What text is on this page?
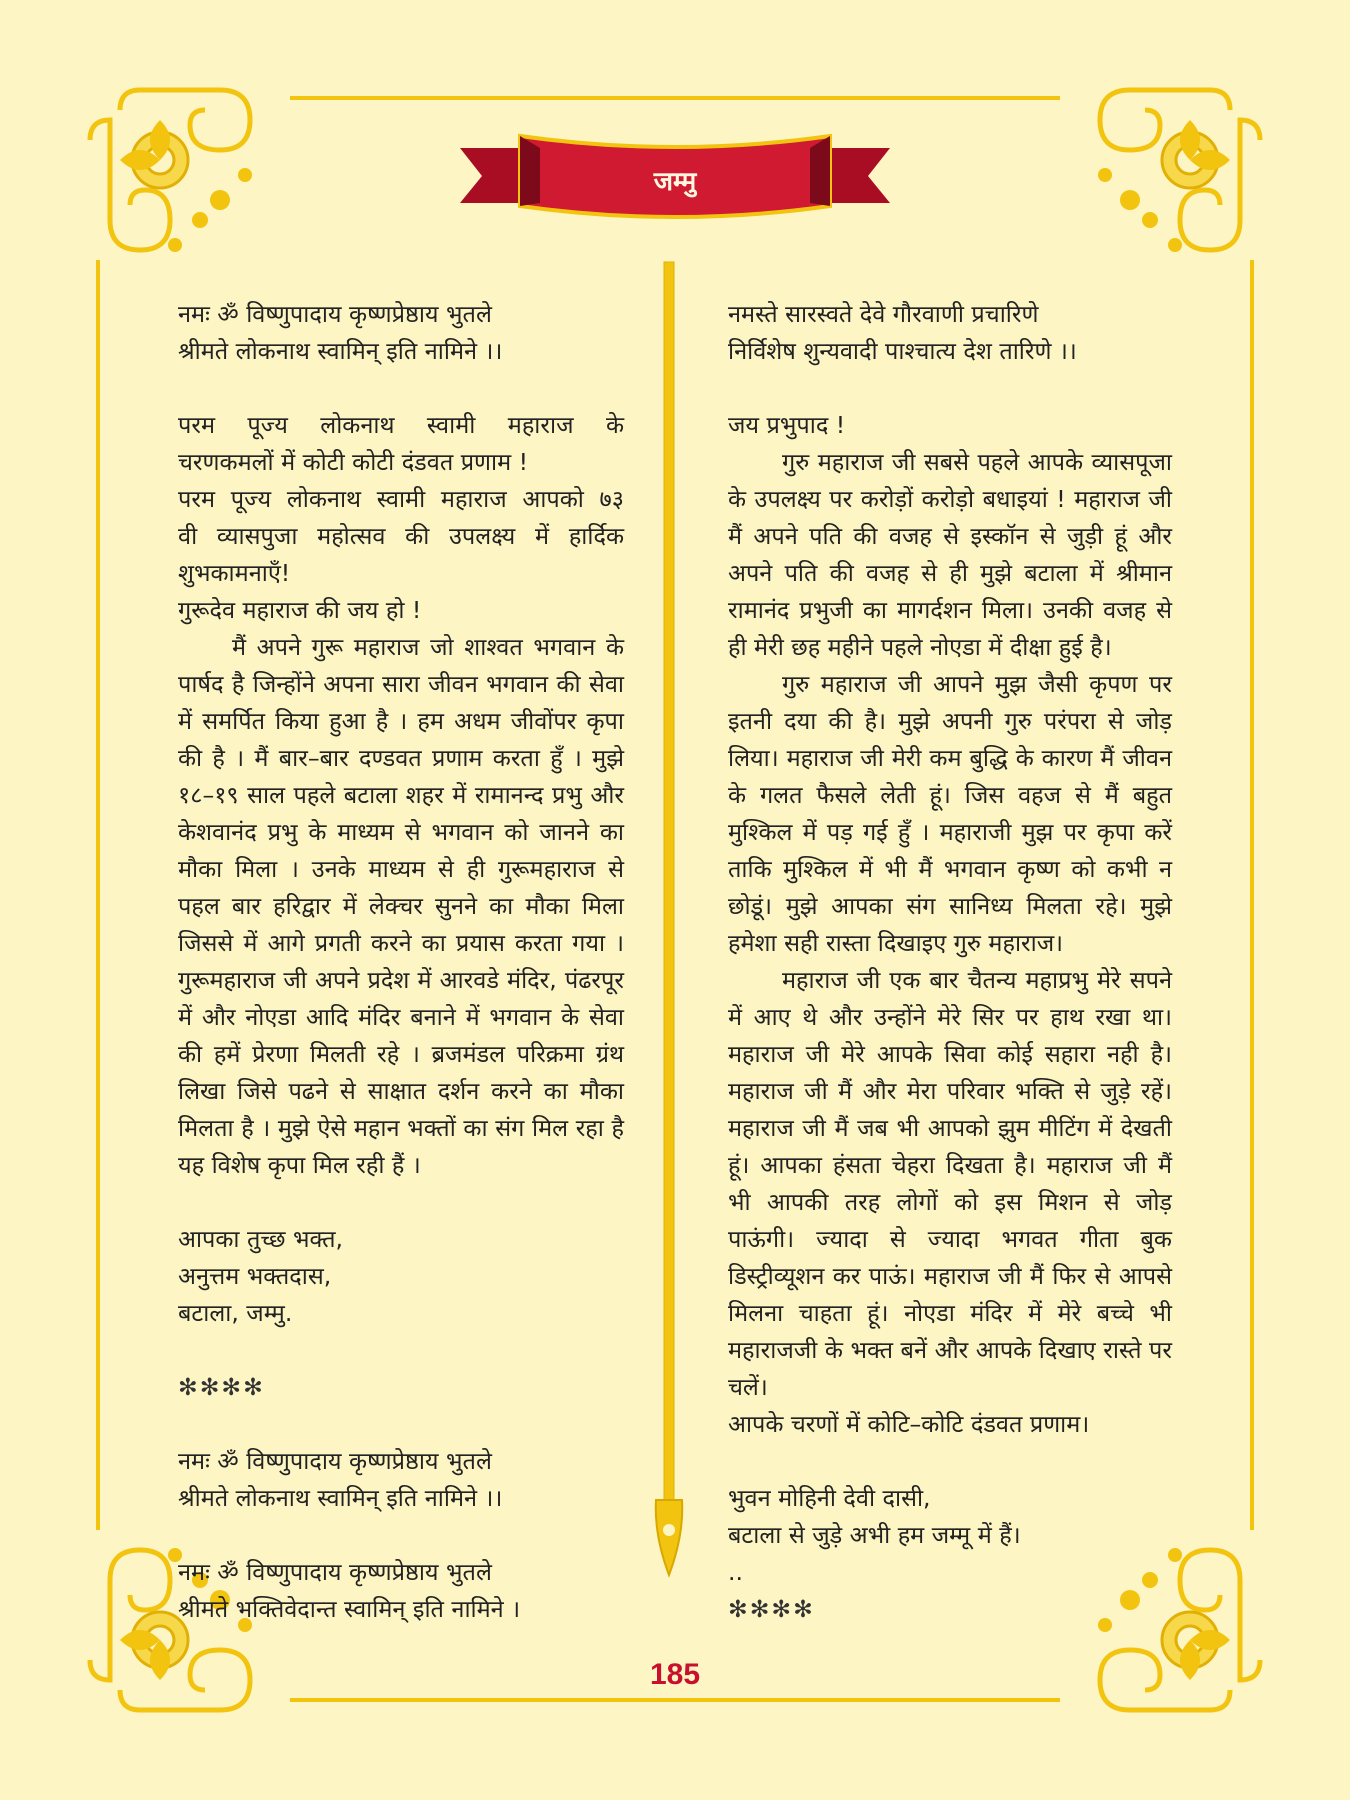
जम्मु

नमः ॐ विष्णुपादाय कृष्णप्रेष्ठाय भुतले

श्रीमते लोकनाथ स्वामिन् इति नामिने ।।

परम पूज्य लोकनाथ स्वामी महाराज के

चरणकमलों में कोटी कोटी दंडवत प्रणाम !

परम पूज्य लोकनाथ स्वामी महाराज आपको ७३

वी व्यासपुजा महोत्सव की उपलक्ष्य में हार्दिक

शुभकामनाएँ!

गुरूदेव महाराज की जय हो !

मैं अपने गुरू महाराज जो शाश्वत भगवान के पार्षद है जिन्होंने अपना सारा जीवन भगवान की सेवा में समर्पित किया हुआ है । हम अधम जीवोंपर कृपा की है । मैं बार–बार दण्डवत प्रणाम करता हुँ । मुझे १८–१९ साल पहले बटाला शहर में रामानन्द प्रभु और केशवानंद प्रभु के माध्यम से भगवान को जानने का मौका मिला । उनके माध्यम से ही गुरूमहाराज से पहल बार हरिद्वार में लेक्चर सुनने का मौका मिला जिससे में आगे प्रगती करने का प्रयास करता गया । गुरूमहाराज जी अपने प्रदेश में आरवडे मंदिर, पंढरपूर में और नोएडा आदि मंदिर बनाने में भगवान के सेवा की हमें प्रेरणा मिलती रहे । ब्रजमंडल परिक्रमा ग्रंथ लिखा जिसे पढने से साक्षात दर्शन करने का मौका मिलता है । मुझे ऐसे महान भक्तों का संग मिल रहा है यह विशेष कृपा मिल रही हैं ।

आपका तुच्छ भक्त,

अनुत्तम भक्तदास,

बटाला, जम्मु.

✻✻✻✻

नमः ॐ विष्णुपादाय कृष्णप्रेष्ठाय भुतले

श्रीमते लोकनाथ स्वामिन् इति नामिने ।।

नमः ॐ विष्णुपादाय कृष्णप्रेष्ठाय भुतले

श्रीमते भक्तिवेदान्त स्वामिन् इति नामिने ।

नमस्ते सारस्वते देवे गौरवाणी प्रचारिणे

निर्विशेष शुन्यवादी पाश्चात्य देश तारिणे ।।

जय प्रभुपाद !

गुरु महाराज जी सबसे पहले आपके व्यासपूजा के उपलक्ष्य पर करोड़ों करोड़ो बधाइयां ! महाराज जी मैं अपने पति की वजह से इस्कॉन से जुड़ी हूं और अपने पति की वजह से ही मुझे बटाला में श्रीमान रामानंद प्रभुजी का मागर्दशन मिला। उनकी वजह से ही मेरी छह महीने पहले नोएडा में दीक्षा हुई है।

गुरु महाराज जी आपने मुझ जैसी कृपण पर इतनी दया की है। मुझे अपनी गुरु परंपरा से जोड़ लिया। महाराज जी मेरी कम बुद्धि के कारण मैं जीवन के गलत फैसले लेती हूं। जिस वहज से मैं बहुत मुश्किल में पड़ गई हुँ । महाराजी मुझ पर कृपा करें ताकि मुश्किल में भी मैं भगवान कृष्ण को कभी न छोडूं। मुझे आपका संग सानिध्य मिलता रहे। मुझे हमेशा सही रास्ता दिखाइए गुरु महाराज।

महाराज जी एक बार चैतन्य महाप्रभु मेरे सपने में आए थे और उन्होंने मेरे सिर पर हाथ रखा था। महाराज जी मेरे आपके सिवा कोई सहारा नही है। महाराज जी मैं और मेरा परिवार भक्ति से जुड़े रहें। महाराज जी मैं जब भी आपको झुम मीटिंग में देखती हूं। आपका हंसता चेहरा दिखता है। महाराज जी मैं भी आपकी तरह लोगों को इस मिशन से जोड़ पाऊंगी। ज्यादा से ज्यादा भगवत गीता बुक डिस्ट्रीव्यूशन कर पाऊं। महाराज जी मैं फिर से आपसे मिलना चाहता हूं। नोएडा मंदिर में मेरे बच्चे भी महाराजजी के भक्त बनें और आपके दिखाए रास्ते पर चलें।

आपके चरणों में कोटि–कोटि दंडवत प्रणाम।

भुवन मोहिनी देवी दासी,

बटाला से जुड़े अभी हम जम्मू में हैं।

..

✻✻✻✻

185
